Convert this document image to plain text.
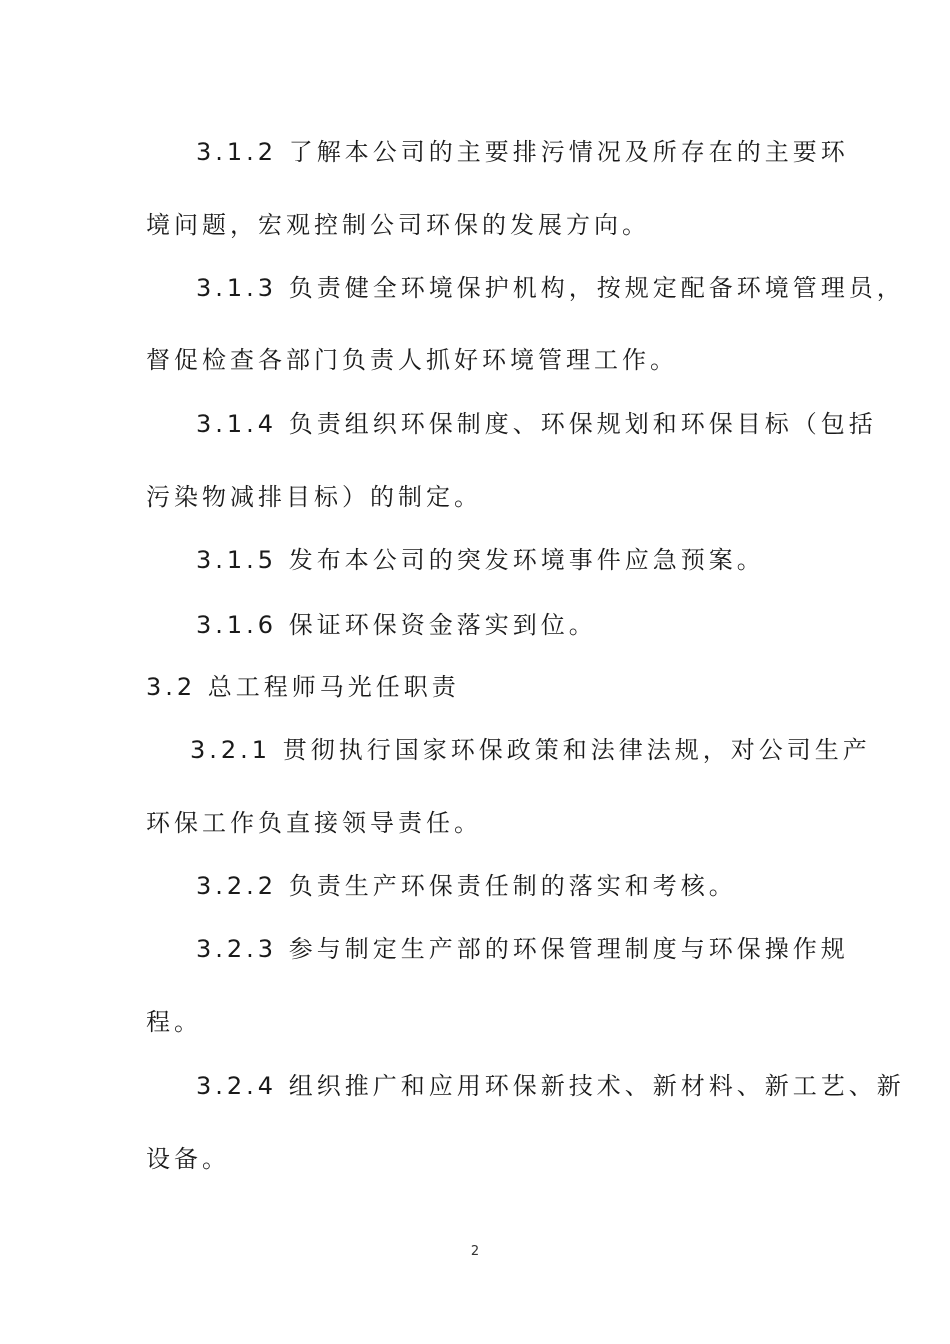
3.1.2 了解本公司的主要排污情况及所存在的主要环
境问题，宏观控制公司环保的发展方向。
3.1.3 负责健全环境保护机构，按规定配备环境管理员，
督促检查各部门负责人抓好环境管理工作。
3.1.4 负责组织环保制度、环保规划和环保目标（包括
污染物减排目标）的制定。
3.1.5 发布本公司的突发环境事件应急预案。
3.1.6 保证环保资金落实到位。
3.2 总工程师马光任职责
3.2.1 贯彻执行国家环保政策和法律法规，对公司生产
环保工作负直接领导责任。
3.2.2 负责生产环保责任制的落实和考核。
3.2.3 参与制定生产部的环保管理制度与环保操作规
程。
3.2.4 组织推广和应用环保新技术、新材料、新工艺、新
设备。
2
